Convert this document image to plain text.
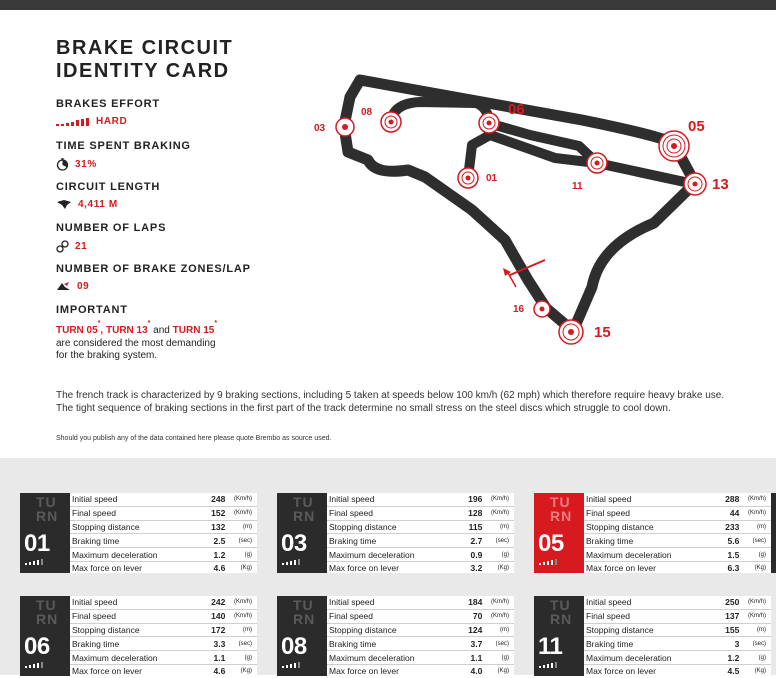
BRAKE CIRCUIT
IDENTITY CARD
BRAKES EFFORT
HARD
TIME SPENT BRAKING
31%
CIRCUIT LENGTH
4,411 M
NUMBER OF LAPS
21
NUMBER OF BRAKE ZONES/LAP
09
IMPORTANT
TURN 05*, TURN 13* and TURN 15*
are considered the most demanding
for the braking system.
03
08	06
05
01
11	13
16
15
The french track is characterized by 9 braking sections, including 5 taken at speeds below 100 km/h (62 mph) which therefore require heavy brake use.
The tight sequence of braking sections in the first part of the track determine no small stress on the steel discs which struggle to cool down.
Should you publish any of the data contained here please quote Brembo as source used.
TURN
01
Initial speed	248	(Km/h)
Final speed	152	(Km/h)
Stopping distance	132	(m)
Braking time	2.5	(sec)
Maximum deceleration	1.2	(g)
Max force on lever	4.6	(Kg)
TURN
03
Initial speed	196	(Km/h)
Final speed	128	(Km/h)
Stopping distance	115	(m)
Braking time	2.7	(sec)
Maximum deceleration	0.9	(g)
Max force on lever	3.2	(Kg)
TURN
05
Initial speed	288	(Km/h)
Final speed	44	(Km/h)
Stopping distance	233	(m)
Braking time	5.6	(sec)
Maximum deceleration	1.5	(g)
Max force on lever	6.3	(Kg)
TURN
06
Initial speed	242	(Km/h)
Final speed	140	(Km/h)
Stopping distance	172	(m)
Braking time	3.3	(sec)
Maximum deceleration	1.1	(g)
Max force on lever	4.6	(Kg)
TURN
08
Initial speed	184	(Km/h)
Final speed	70	(Km/h)
Stopping distance	124	(m)
Braking time	3.7	(sec)
Maximum deceleration	1.1	(g)
Max force on lever	4.0	(Kg)
TURN
11
Initial speed	250	(Km/h)
Final speed	137	(Km/h)
Stopping distance	155	(m)
Braking time	3	(sec)
Maximum deceleration	1.2	(g)
Max force on lever	4.5	(Kg)
